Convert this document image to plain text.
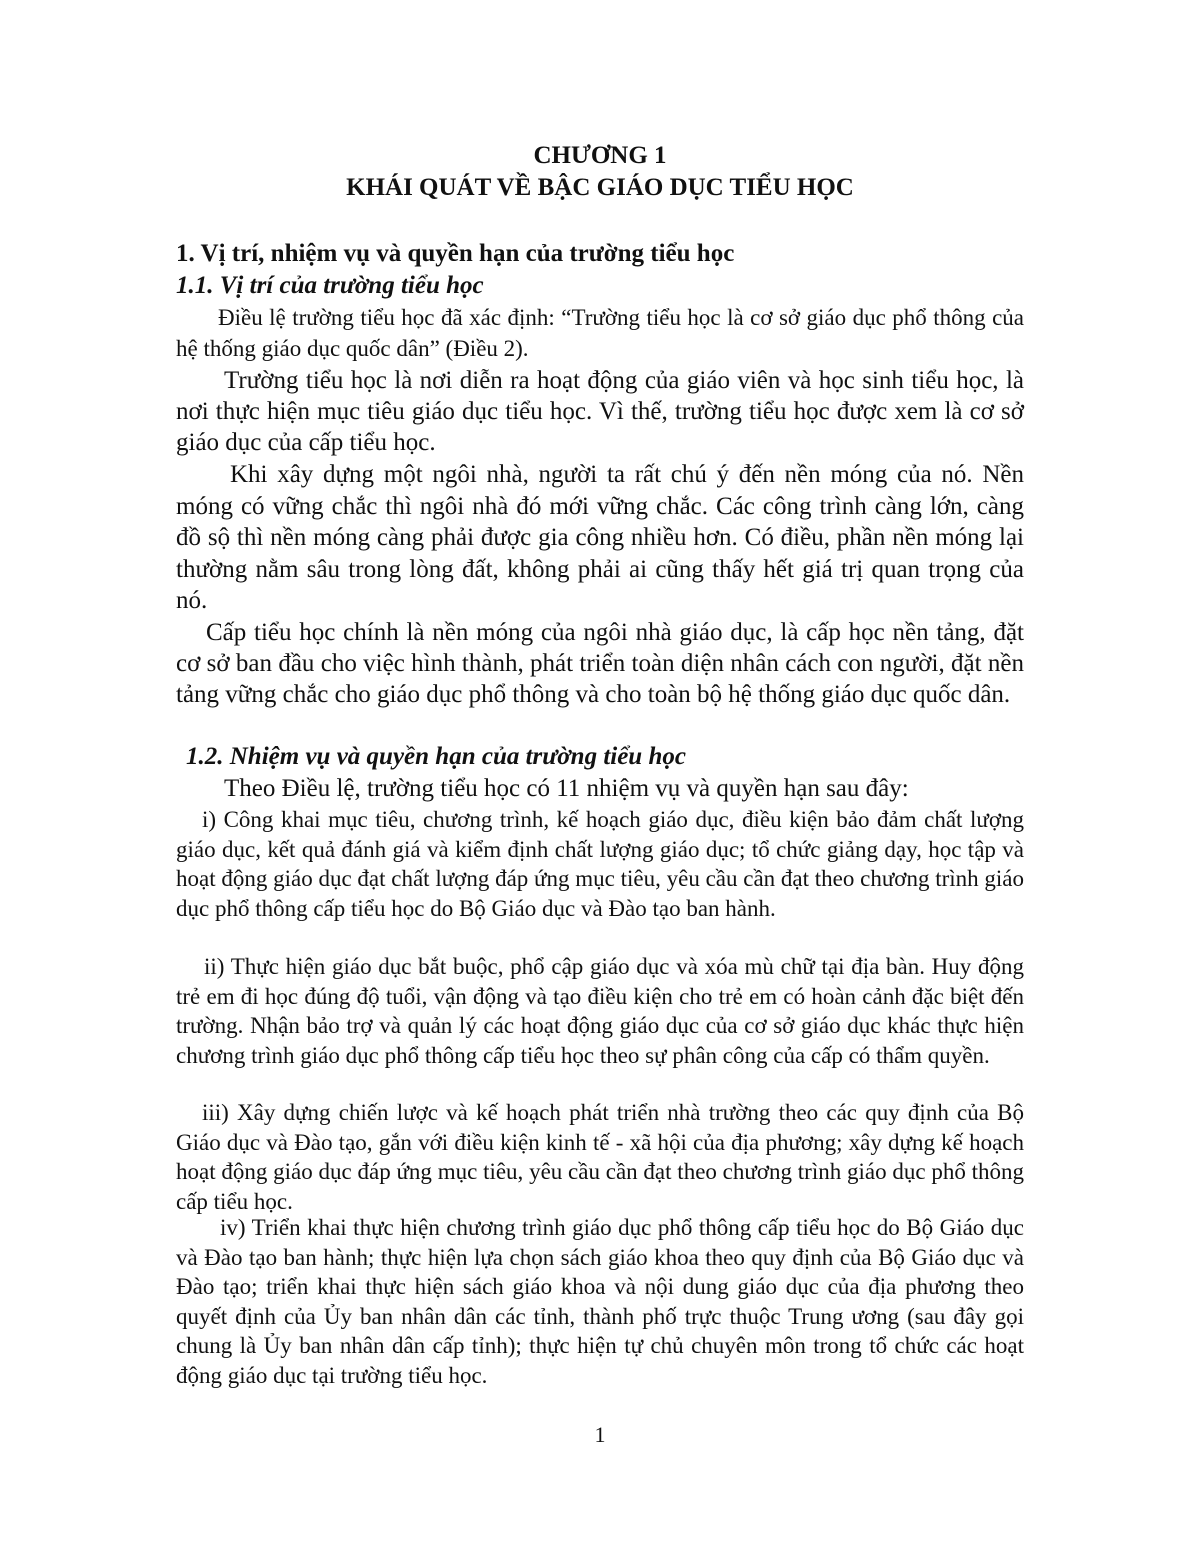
CHƯƠNG 1
KHÁI QUÁT VỀ BẬC GIÁO DỤC TIỂU HỌC
1. Vị trí, nhiệm vụ và quyền hạn của trường tiểu học
1.1. Vị trí của trường tiểu học

Điều lệ trường tiểu học đã xác định: “Trường tiểu học là cơ sở giáo dục phổ thông của hệ thống giáo dục quốc dân” (Điều 2).

Trường tiểu học là nơi diễn ra hoạt động của giáo viên và học sinh tiểu học, là nơi thực hiện mục tiêu giáo dục tiểu học. Vì thế, trường tiểu học được xem là cơ sở giáo dục của cấp tiểu học.

Khi xây dựng một ngôi nhà, người ta rất chú ý đến nền móng của nó. Nền móng có vững chắc thì ngôi nhà đó mới vững chắc. Các công trình càng lớn, càng đồ sộ thì nền móng càng phải được gia công nhiều hơn. Có điều, phần nền móng lại thường nằm sâu trong lòng đất, không phải ai cũng thấy hết giá trị quan trọng của nó.

Cấp tiểu học chính là nền móng của ngôi nhà giáo dục, là cấp học nền tảng, đặt cơ sở ban đầu cho việc hình thành, phát triển toàn diện nhân cách con người, đặt nền tảng vững chắc cho giáo dục phổ thông và cho toàn bộ hệ thống giáo dục quốc dân.

1.2. Nhiệm vụ và quyền hạn của trường tiểu học

Theo Điều lệ, trường tiểu học có 11 nhiệm vụ và quyền hạn sau đây:

i) Công khai mục tiêu, chương trình, kế hoạch giáo dục, điều kiện bảo đảm chất lượng giáo dục, kết quả đánh giá và kiểm định chất lượng giáo dục; tổ chức giảng dạy, học tập và hoạt động giáo dục đạt chất lượng đáp ứng mục tiêu, yêu cầu cần đạt theo chương trình giáo dục phổ thông cấp tiểu học do Bộ Giáo dục và Đào tạo ban hành.

ii) Thực hiện giáo dục bắt buộc, phổ cập giáo dục và xóa mù chữ tại địa bàn. Huy động trẻ em đi học đúng độ tuổi, vận động và tạo điều kiện cho trẻ em có hoàn cảnh đặc biệt đến trường. Nhận bảo trợ và quản lý các hoạt động giáo dục của cơ sở giáo dục khác thực hiện chương trình giáo dục phổ thông cấp tiểu học theo sự phân công của cấp có thẩm quyền.

iii) Xây dựng chiến lược và kế hoạch phát triển nhà trường theo các quy định của Bộ Giáo dục và Đào tạo, gắn với điều kiện kinh tế - xã hội của địa phương; xây dựng kế hoạch hoạt động giáo dục đáp ứng mục tiêu, yêu cầu cần đạt theo chương trình giáo dục phổ thông cấp tiểu học.

iv) Triển khai thực hiện chương trình giáo dục phổ thông cấp tiểu học do Bộ Giáo dục và Đào tạo ban hành; thực hiện lựa chọn sách giáo khoa theo quy định của Bộ Giáo dục và Đào tạo; triển khai thực hiện sách giáo khoa và nội dung giáo dục của địa phương theo quyết định của Ủy ban nhân dân các tỉnh, thành phố trực thuộc Trung ương (sau đây gọi chung là Ủy ban nhân dân cấp tỉnh); thực hiện tự chủ chuyên môn trong tổ chức các hoạt động giáo dục tại trường tiểu học.

1
